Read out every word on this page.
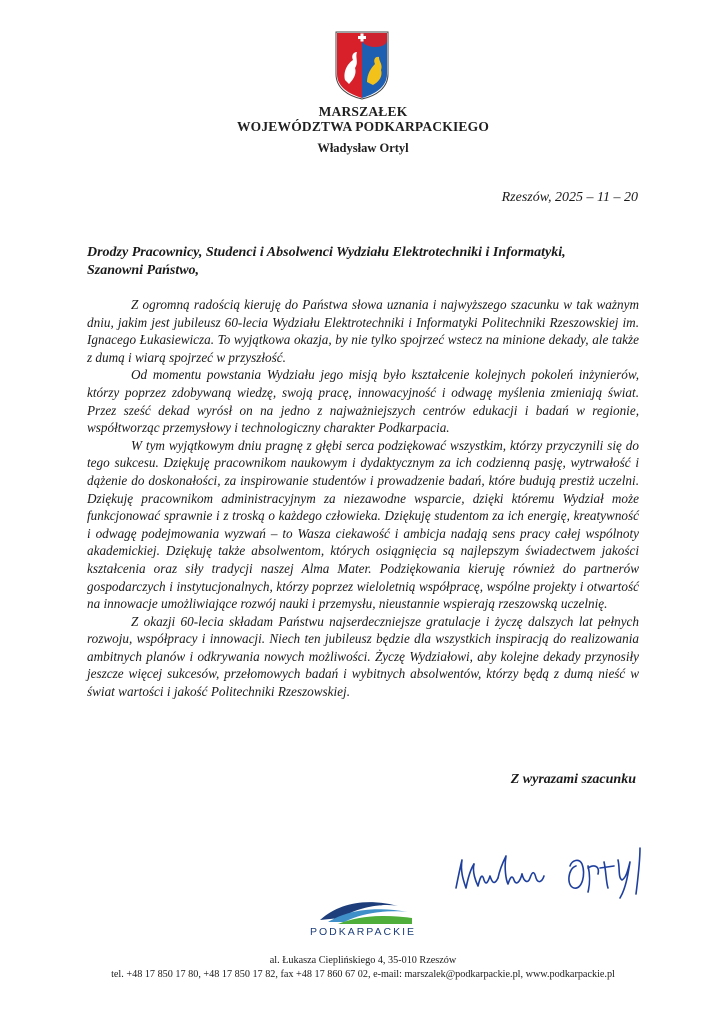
MARSZAŁEK
WOJEWÓDZTWA PODKARPACKIEGO
Władysław Ortyl
Rzeszów, 2025 – 11 – 20
Drodzy Pracownicy, Studenci i Absolwenci Wydziału Elektrotechniki i Informatyki,
Szanowni Państwo,

Z ogromną radością kieruję do Państwa słowa uznania i najwyższego szacunku w tak ważnym dniu, jakim jest jubileusz 60-lecia Wydziału Elektrotechniki i Informatyki Politechniki Rzeszowskiej im. Ignacego Łukasiewicza. To wyjątkowa okazja, by nie tylko spojrzeć wstecz na minione dekady, ale także z dumą i wiarą spojrzeć w przyszłość.

Od momentu powstania Wydziału jego misją było kształcenie kolejnych pokoleń inżynierów, którzy poprzez zdobywaną wiedzę, swoją pracę, innowacyjność i odwagę myślenia zmieniają świat. Przez sześć dekad wyrósł on na jedno z najważniejszych centrów edukacji i badań w regionie, współtworząc przemysłowy i technologiczny charakter Podkarpacia.

W tym wyjątkowym dniu pragnę z głębi serca podziękować wszystkim, którzy przyczynili się do tego sukcesu. Dziękuję pracownikom naukowym i dydaktycznym za ich codzienną pasję, wytrwałość i dążenie do doskonałości, za inspirowanie studentów i prowadzenie badań, które budują prestiż uczelni. Dziękuję pracownikom administracyjnym za niezawodne wsparcie, dzięki któremu Wydział może funkcjonować sprawnie i z troską o każdego człowieka. Dziękuję studentom za ich energię, kreatywność i odwagę podejmowania wyzwań – to Wasza ciekawość i ambicja nadają sens pracy całej wspólnoty akademickiej. Dziękuję także absolwentom, których osiągnięcia są najlepszym świadectwem jakości kształcenia oraz siły tradycji naszej Alma Mater. Podziękowania kieruję również do partnerów gospodarczych i instytucjonalnych, którzy poprzez wieloletnią współpracę, wspólne projekty i otwartość na innowacje umożliwiające rozwój nauki i przemysłu, nieustannie wspierają rzeszowską uczelnię.

Z okazji 60-lecia składam Państwu najserdeczniejsze gratulacje i życzę dalszych lat pełnych rozwoju, współpracy i innowacji. Niech ten jubileusz będzie dla wszystkich inspiracją do realizowania ambitnych planów i odkrywania nowych możliwości. Życzę Wydziałowi, aby kolejne dekady przynosiły jeszcze więcej sukcesów, przełomowych badań i wybitnych absolwentów, którzy będą z dumą nieść w świat wartości i jakość Politechniki Rzeszowskiej.

Z wyrazami szacunku
PODKARPACKIE
al. Łukasza Cieplińskiego 4, 35-010 Rzeszów
tel. +48 17 850 17 80, +48 17 850 17 82, fax +48 17 860 67 02, e-mail: marszalek@podkarpackie.pl, www.podkarpackie.pl
